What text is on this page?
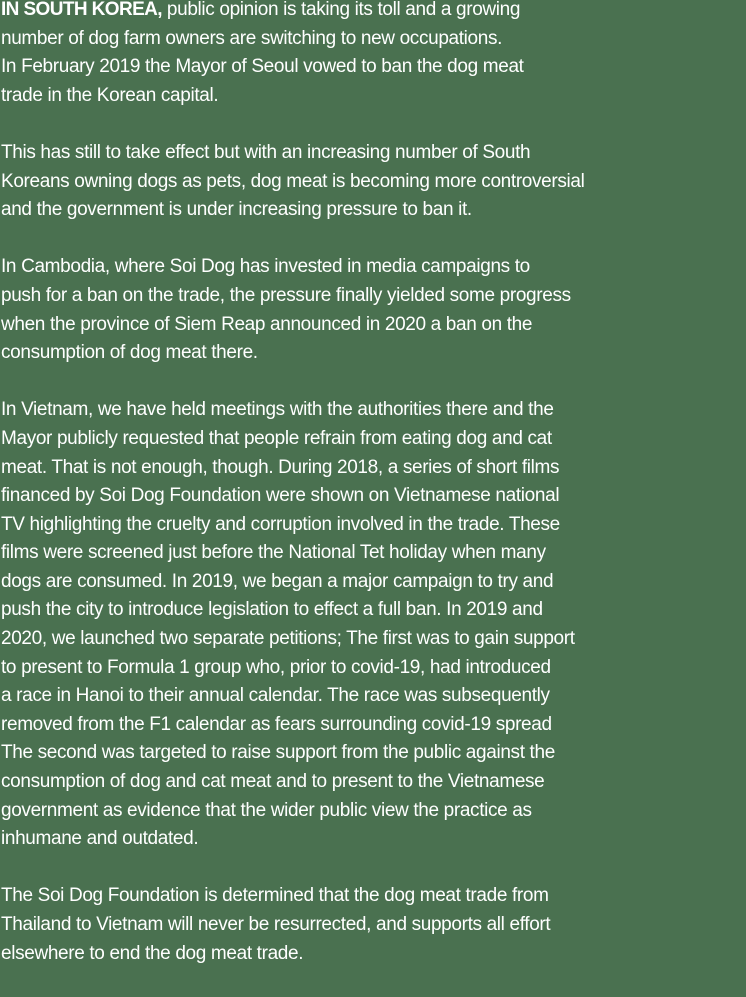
IN SOUTH KOREA, public opinion is taking its toll and a growing
number of dog farm owners are switching to new occupations.
In February 2019 the Mayor of Seoul vowed to ban the dog meat
trade in the Korean capital.

This has still to take effect but with an increasing number of South
Koreans owning dogs as pets, dog meat is becoming more controversial
and the government is under increasing pressure to ban it.

In Cambodia, where Soi Dog has invested in media campaigns to
push for a ban on the trade, the pressure finally yielded some progress
when the province of Siem Reap announced in 2020 a ban on the
consumption of dog meat there.

In Vietnam, we have held meetings with the authorities there and the
Mayor publicly requested that people refrain from eating dog and cat
meat. That is not enough, though. During 2018, a series of short films
financed by Soi Dog Foundation were shown on Vietnamese national
TV highlighting the cruelty and corruption involved in the trade. These
films were screened just before the National Tet holiday when many
dogs are consumed. In 2019, we began a major campaign to try and
push the city to introduce legislation to effect a full ban. In 2019 and
2020, we launched two separate petitions; The first was to gain support
to present to Formula 1 group who, prior to covid-19, had introduced
a race in Hanoi to their annual calendar. The race was subsequently
removed from the F1 calendar as fears surrounding covid-19 spread
The second was targeted to raise support from the public against the
consumption of dog and cat meat and to present to the Vietnamese
government as evidence that the wider public view the practice as
inhumane and outdated.

The Soi Dog Foundation is determined that the dog meat trade from
Thailand to Vietnam will never be resurrected, and supports all effort
elsewhere to end the dog meat trade.
